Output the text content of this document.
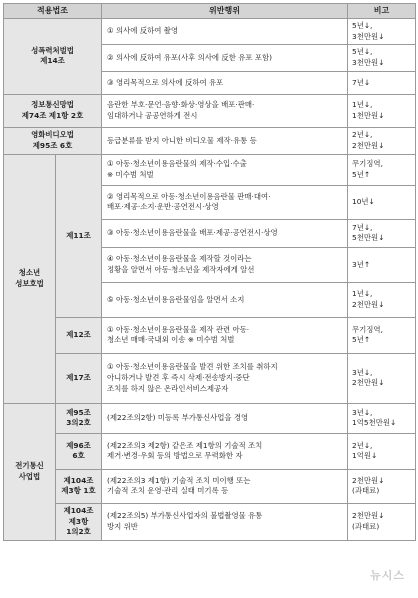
적용법조		위반행위	비고

성폭력처벌법
제14조		① 의사에 反하여 촬영	5년↓,
3천만원↓

		② 의사에 反하여 유포(사후 의사에 反한 유포 포함)	5년↓,
3천만원↓

		③ 영리목적으로 의사에 反하여 유포	7년↓

정보통신망법
제74조 제1항 2호		음란한 부호·문언·음향·화상·영상을 배포·판매·
임대하거나 공공연하게 전시	1년↓,
1천만원↓

영화비디오법
제95조 6호		등급분류를 받지 아니한 비디오물 제작·유통 등	2년↓,
2천만원↓

청소년
성보호법	제11조	① 아동·청소년이용음란물의 제작·수입·수출
※ 미수범 처벌	무기징역,
5년↑

		② 영리목적으로 아동·청소년이용음란물 판매·대여·
배포·제공·소지·운반·공연전시·상영	10년↓

		③ 아동·청소년이용음란물을 배포·제공·공연전시·상영	7년↓,
5천만원↓

		④ 아동·청소년이용음란물을 제작할 것이라는
정황을 알면서 아동·청소년을 제작자에게 알선	3년↑

		⑤ 아동·청소년이용음란물임을 알면서 소지	1년↓,
2천만원↓

	제12조	① 아동·청소년이용음란물을 제작 관련 아동·
청소년 매매·국내외 이송 ※ 미수범 처벌	무기징역,
5년↑

	제17조	① 아동·청소년이용음란물을 발견 위한 조치를 취하지
아니하거나 발견 후 즉시 삭제·전송방지·중단
조치를 하지 않은 온라인서비스제공자	3년↓,
2천만원↓

전기통신
사업법	제95조
3의2호	(제22조의2항) 미등록 부가통신사업을 경영	3년↓,
1억5천만원↓

	제96조
6호	(제22조의3 제2항) 같은조 제1항의 기술적 조치
제거·변경·우회 등의 방법으로 무력화한 자	2년↓,
1억원↓

	제104조
제3항 1호	(제22조의3 제1항) 기술적 조치 미이행 또는
기술적 조치 운영·관리 실태 미기록 등	2천만원↓
(과태료)

	제104조
제3항
1의2호	(제22조의5) 부가통신사업자의 불법촬영물 유통
방지 위반	2천만원↓
(과태료)
뉴시스
